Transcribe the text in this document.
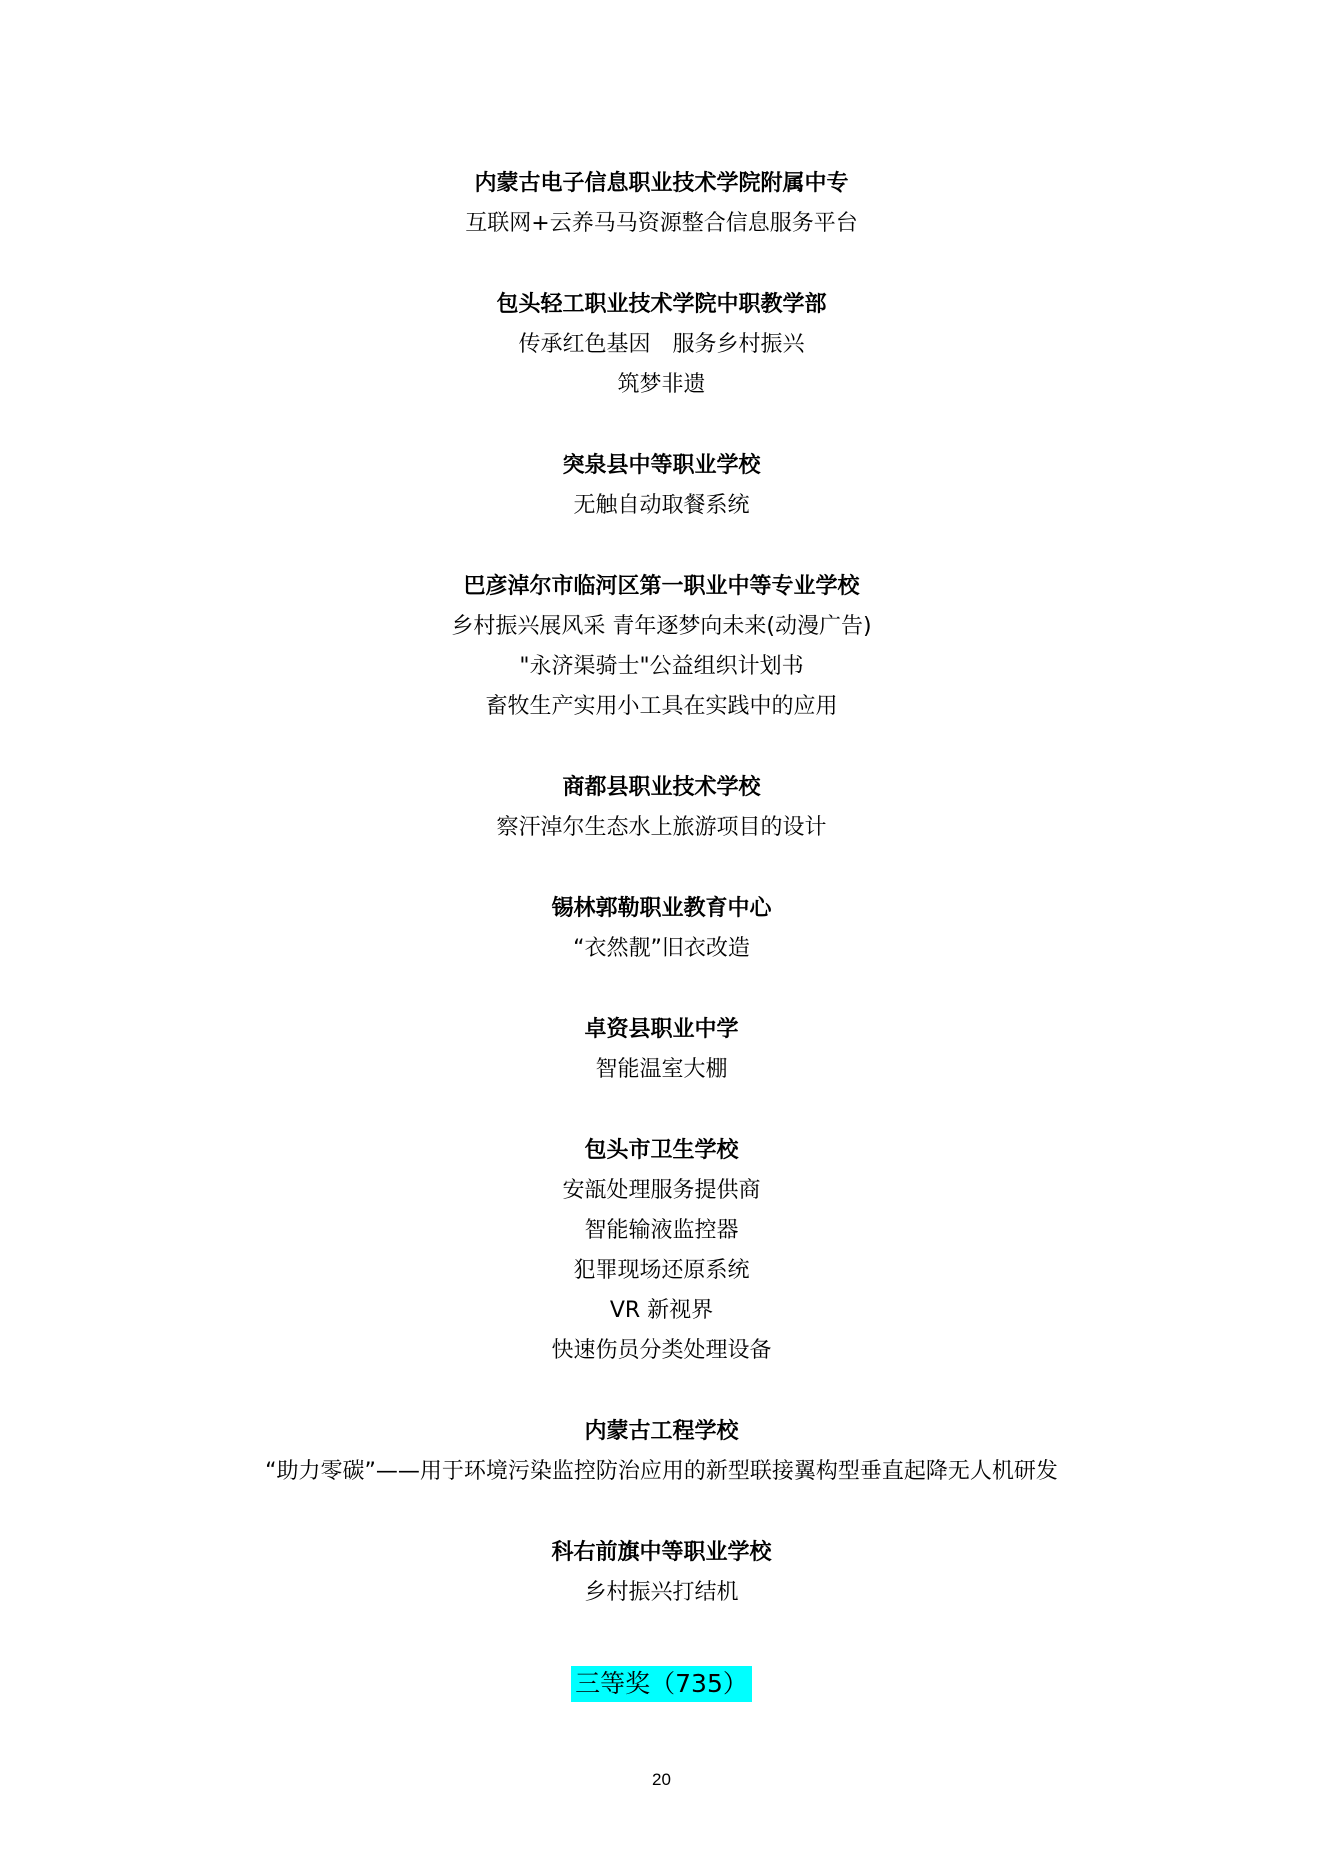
内蒙古电子信息职业技术学院附属中专
互联网+云养马马资源整合信息服务平台
包头轻工职业技术学院中职教学部
传承红色基因　服务乡村振兴
筑梦非遗
突泉县中等职业学校
无触自动取餐系统
巴彦淖尔市临河区第一职业中等专业学校
乡村振兴展风采 青年逐梦向未来(动漫广告)
"永济渠骑士"公益组织计划书
畜牧生产实用小工具在实践中的应用
商都县职业技术学校
察汗淖尔生态水上旅游项目的设计
锡林郭勒职业教育中心
“衣然靓”旧衣改造
卓资县职业中学
智能温室大棚
包头市卫生学校
安瓿处理服务提供商
智能输液监控器
犯罪现场还原系统
VR 新视界
快速伤员分类处理设备
内蒙古工程学校
“助力零碳”——用于环境污染监控防治应用的新型联接翼构型垂直起降无人机研发
科右前旗中等职业学校
乡村振兴打结机
三等奖（735）
20
